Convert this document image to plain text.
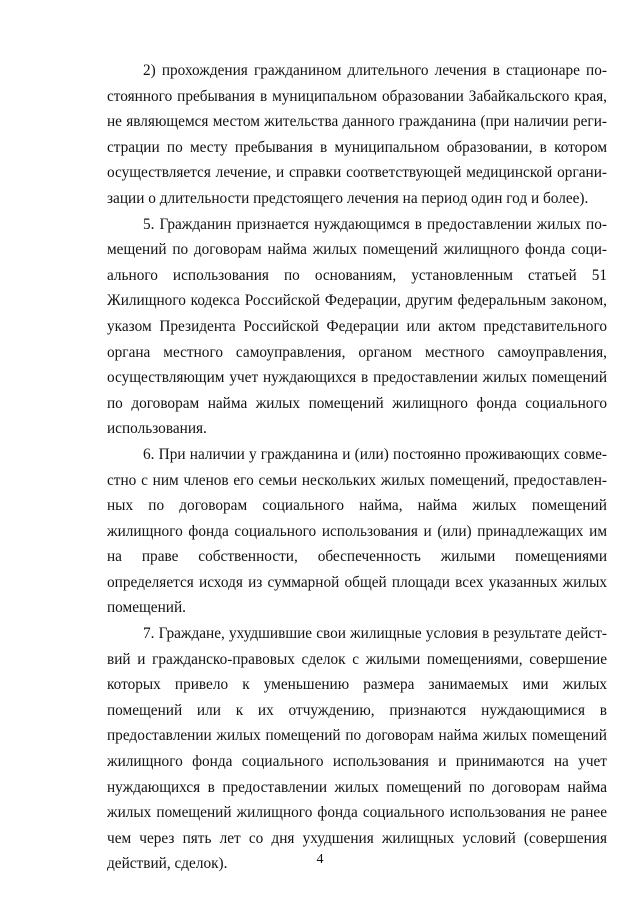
2) прохождения гражданином длительного лечения в стационаре постоянного пребывания в муниципальном образовании Забайкальского края, не являющемся местом жительства данного гражданина (при наличии регистрации по месту пребывания в муниципальном образовании, в котором осуществляется лечение, и справки соответствующей медицинской организации о длительности предстоящего лечения на период один год и более).

5. Гражданин признается нуждающимся в предоставлении жилых помещений по договорам найма жилых помещений жилищного фонда социального использования по основаниям, установленным статьей 51 Жилищного кодекса Российской Федерации, другим федеральным законом, указом Президента Российской Федерации или актом представительного органа местного самоуправления, органом местного самоуправления, осуществляющим учет нуждающихся в предоставлении жилых помещений по договорам найма жилых помещений жилищного фонда социального использования.

6. При наличии у гражданина и (или) постоянно проживающих совместно с ним членов его семьи нескольких жилых помещений, предоставленных по договорам социального найма, найма жилых помещений жилищного фонда социального использования и (или) принадлежащих им на праве собственности, обеспеченность жилыми помещениями определяется исходя из суммарной общей площади всех указанных жилых помещений.

7. Граждане, ухудшившие свои жилищные условия в результате действий и гражданско-правовых сделок с жилыми помещениями, совершение которых привело к уменьшению размера занимаемых ими жилых помещений или к их отчуждению, признаются нуждающимися в предоставлении жилых помещений по договорам найма жилых помещений жилищного фонда социального использования и принимаются на учет нуждающихся в предоставлении жилых помещений по договорам найма жилых помещений жилищного фонда социального использования не ранее чем через пять лет со дня ухудшения жилищных условий (совершения действий, сделок).	4
